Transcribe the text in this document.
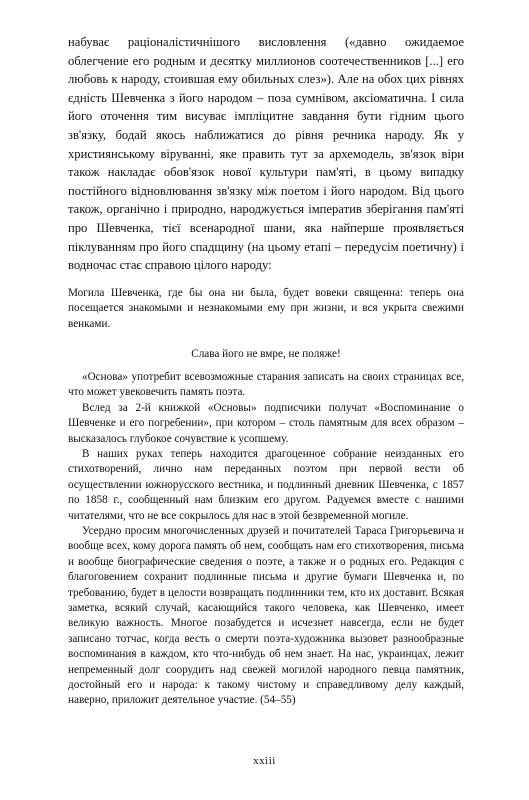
набуває раціоналістичнішого висловлення («давно ожидаемое облегчение его родным и десятку миллионов соотечественников [...] его любовь к народу, стоившая ему обильных слез»). Але на обох цих рівнях єдність Шевченка з його народом – поза сумнівом, аксіоматична. І сила його оточення тим висуває імпліцитне завдання бути гідним цього зв'язку, бодай якось наближатися до рівня речника народу. Як у християнському віруванні, яке править тут за архемодель, зв'язок віри також накладає обов'язок нової культури пам'яті, в цьому випадку постійного відновлювання зв'язку між поетом і його народом. Від цього також, органічно і природно, народжується імператив зберігання пам'яті про Шевченка, тієї всенародної шани, яка найперше проявляється піклуванням про його спадщину (на цьому етапі – передусім поетичну) і водночас стає справою цілого народу:

Могила Шевченка, где бы она ни была, будет вовеки священна: теперь она посещается знакомыми и незнакомыми ему при жизни, и вся укрыта свежими венками.

Слава його не вмре, не поляже!

«Основа» употребит всевозможные старания записать на своих страницах все, что может увековечить память поэта.

Вслед за 2-й книжкой «Основы» подписчики получат «Воспоминание о Шевченке и его погребении», при котором – столь памятным для всех образом – высказалось глубокое сочувствие к усопшему.

В наших руках теперь находится драгоценное собрание неизданных его стихотворений, лично нам переданных поэтом при первой вести об осуществлении южнорусского вестника, и подлинный дневник Шевченка, с 1857 по 1858 г., сообщенный нам близким его другом. Радуемся вместе с нашими читателями, что не все сокрылось для нас в этой безвременной могиле.

Усердно просим многочисленных друзей и почитателей Тараса Григорьевича и вообще всех, кому дорога память об нем, сообщать нам его стихотворения, письма и вообще биографические сведения о поэте, а также и о родных его. Редакция с благоговением сохранит подлинные письма и другие бумаги Шевченка и, по требованию, будет в целости возвращать подлинники тем, кто их доставит. Всякая заметка, всякий случай, касающийся такого человека, как Шевченко, имеет великую важность. Многое позабудется и исчезнет навсегда, если не будет записано тотчас, когда весть о смерти поэта-художника вызовет разнообразные воспоминания в каждом, кто что-нибудь об нем знает. На нас, украинцах, лежит непременный долг соорудить над свежей могилой народного певца памятник, достойный его и народа: к такому чистому и справедливому делу каждый, наверно, приложит деятельное участие. (54–55)

xxiii
